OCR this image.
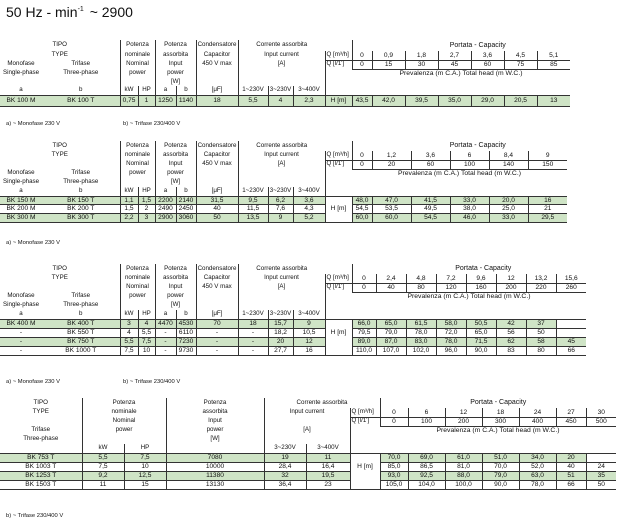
50 Hz - $\min^{-1}$ ~ 2900
TIPO		Potenza		Potenza		Condensatore	Corrente assorbita				Portata - Capacity						
TYPE		nominale		assorbita		Capacitor	Input current			Q [m³/h]	0	0,9	1,8	2,7	3,6	4,5	5,1
Monofase	Trifase	Nominal		Input		450 V max	[A]			Q [l/1']	0	15	30	45	60	75	85
Single-phase	Three-phase	power		power							Prevalenza (m C.A.) Total head (m W.C.)						
				[W]													
a	b	kW	HP	a	b	[μF]	1~230V	3~230V	3~400V								
BK 100 M	BK 100 T	0,75	1	1250	1140	18	5,5	4	2,3	H [m]	43,5	42,0	39,5	35,0	29,0	20,5	13
a) ~ Monofase 230 V	b) ~ Trifase 230/400 V
TIPO		Potenza		Potenza		Condensatore	Corrente assorbita				Portata - Capacity					
TYPE		nominale		assorbita		Capacitor	Input current			Q [m³/h]	0	1,2	3,6	6	8,4	9
		Nominal		Input		450 V max	[A]			Q [l/1']	0	20	60	100	140	150
Monofase	Trifase	power		power							Prevalenza (m C.A.) Total head (m W.C.)					
Single-phase	Three-phase			[W]												
a	b	kW	HP	a	b	[μF]	1~230V	3~230V	3~400V							
BK 150 M	BK 150 T	1,1	1,5	2200	2140	31,5	9,5	6,2	3,6		48,0	47,0	41,5	33,0	20,0	16
BK 200 M	BK 200 T	1,5	2	2490	2450	40	11,5	7,6	4,3	H [m]	54,5	53,5	49,5	38,0	25,0	21
BK 300 M	BK 300 T	2,2	3	2900	3060	50	13,5	9	5,2		60,0	60,0	54,5	46,0	33,0	29,5
a) ~ Monofase 230 V
TIPO		Potenza		Potenza		Condensatore	Corrente assorbita				Portata - Capacity							
TYPE		nominale		assorbita		Capacitor	Input current			Q [m³/h]	0	2,4	4,8	7,2	9,6	12	13,2	15,6
		Nominal		Input		450 V max	[A]			Q [l/1']	0	40	80	120	160	200	220	260
Monofase	Trifase	power		power							Prevalenza (m C.A.) Total head (m W.C.)							
Single-phase	Three-phase			[W]														
a	b	kW	HP	a	b	[μF]	1~230V	3~230V	3~400V									
BK 400 M	BK 400 T	3	4	4470	4530	70	18	15,7	9		66,0	65,0	61,5	58,0	50,5	42	37	
-	BK 550 T	4	5,5	-	6110	-	-	18,2	10,5	H [m]	79,5	79,0	78,0	72,0	65,0	56	50	
-	BK 750 T	5,5	7,5	-	7230	-	-	20	12		89,0	87,0	83,0	78,0	71,5	62	58	45
-	BK 1000 T	7,5	10	-	9730	-	-	27,7	16		110,0	107,0	102,0	96,0	90,0	83	80	66
a) ~ Monofase 230 V	b) ~ Trifase 230/400 V
TIPO	Potenza		Potenza	Corrente assorbita			Portata - Capacity						
TYPE	nominale		assorbita	Input current		Q [m³/h]	0	6	12	18	24	27	30
	Nominal		Input			Q [l/1']	0	100	200	300	400	450	500
Trifase	power		power	[A]			Prevalenza (m C.A.) Total head (m W.C.)						
Three-phase			[W]										
	kW	HP		3~230V	3~400V								
BK 753 T	5,5	7,5	7080	19	11		70,0	69,0	61,0	51,0	34,0	20	
BK 1003 T	7,5	10	10000	28,4	16,4	H [m]	85,0	86,5	81,0	70,0	52,0	40	24
BK 1253 T	9,2	12,5	11380	32	19,5		93,0	92,5	88,0	79,0	63,0	51	35
BK 1503 T	11	15	13130	36,4	23		105,0	104,0	100,0	90,0	78,0	66	50
b) ~ Trifase 230/400 V
